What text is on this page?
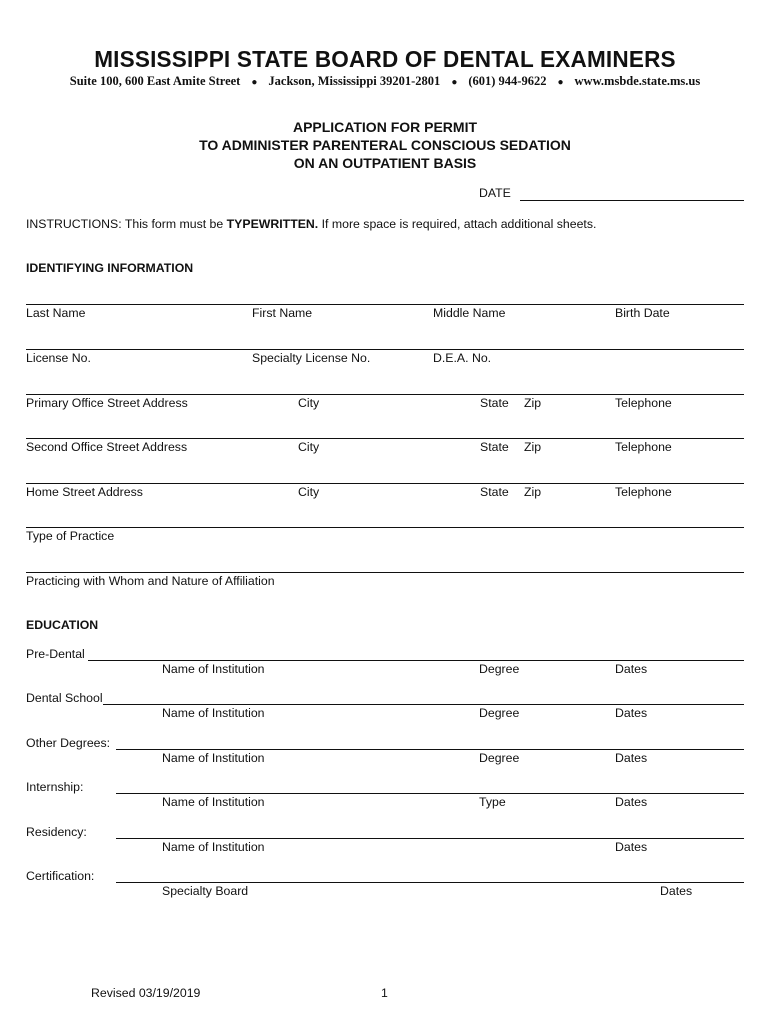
MISSISSIPPI STATE BOARD OF DENTAL EXAMINERS
Suite 100, 600 East Amite Street ● Jackson, Mississippi 39201-2801 ● (601) 944-9622 ● www.msbde.state.ms.us
APPLICATION FOR PERMIT
TO ADMINISTER PARENTERAL CONSCIOUS SEDATION
ON AN OUTPATIENT BASIS
DATE
INSTRUCTIONS: This form must be TYPEWRITTEN. If more space is required, attach additional sheets.
IDENTIFYING INFORMATION
Last Name	First Name	Middle Name	Birth Date
License No.	Specialty License No.	D.E.A. No.
Primary Office Street Address	City	State Zip	Telephone
Second Office Street Address	City	State Zip	Telephone
Home Street Address	City	State Zip	Telephone
Type of Practice
Practicing with Whom and Nature of Affiliation
EDUCATION
Pre-Dental
Name of Institution	Degree	Dates
Dental School
Name of Institution	Degree	Dates
Other Degrees:
Name of Institution	Degree	Dates
Internship:
Name of Institution	Type	Dates
Residency:
Name of Institution	Dates
Certification:
Specialty Board	Dates
Revised 03/19/2019	1
